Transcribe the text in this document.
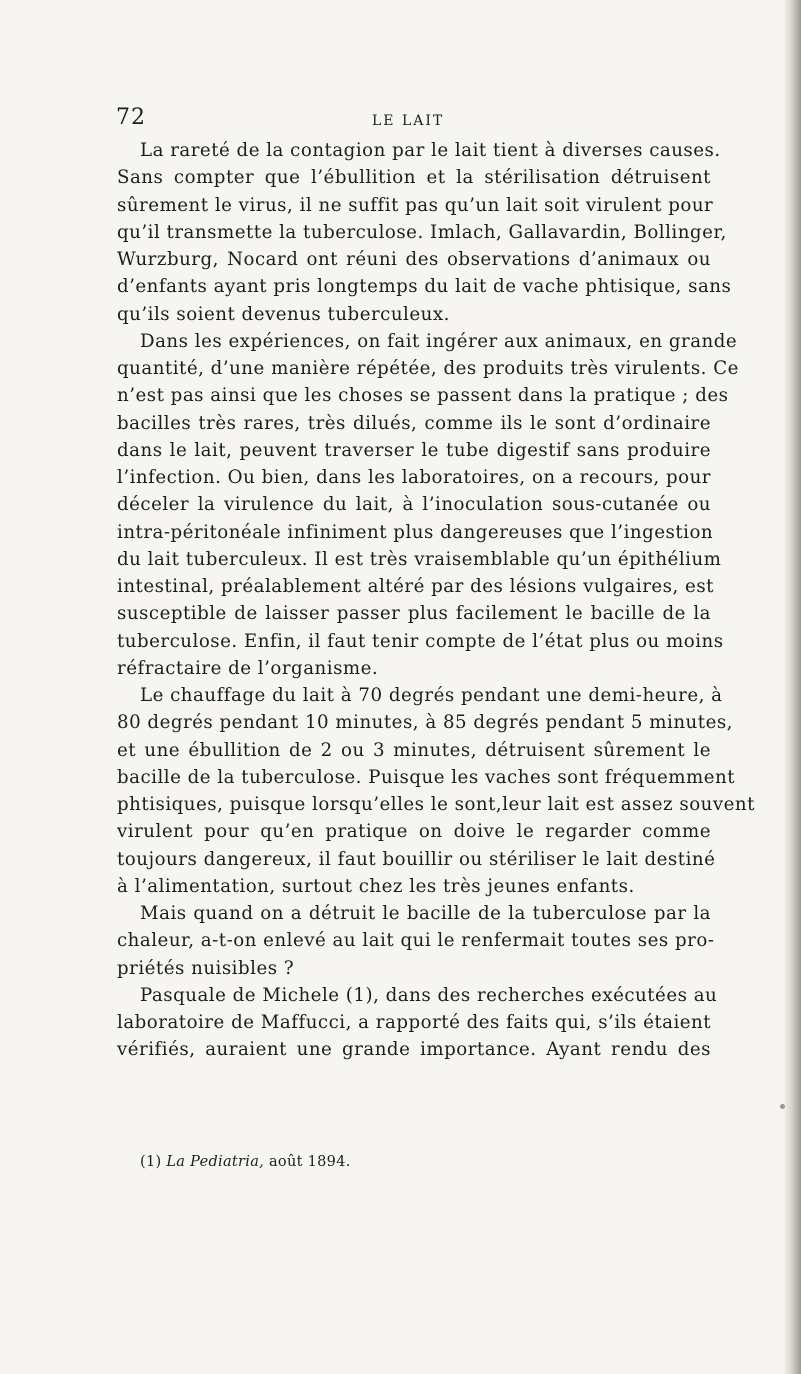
72	LE LAIT
La rareté de la contagion par le lait tient à diverses causes.
Sans compter que l’ébullition et la stérilisation détruisent
sûrement le virus, il ne suffit pas qu’un lait soit virulent pour
qu’il transmette la tuberculose. Imlach, Gallavardin, Bollinger,
Wurzburg, Nocard ont réuni des observations d’animaux ou
d’enfants ayant pris longtemps du lait de vache phtisique, sans
qu’ils soient devenus tuberculeux.
Dans les expériences, on fait ingérer aux animaux, en grande
quantité, d’une manière répétée, des produits très virulents. Ce
n’est pas ainsi que les choses se passent dans la pratique ; des
bacilles très rares, très dilués, comme ils le sont d’ordinaire
dans le lait, peuvent traverser le tube digestif sans produire
l’infection. Ou bien, dans les laboratoires, on a recours, pour
déceler la virulence du lait, à l’inoculation sous-cutanée ou
intra-péritonéale infiniment plus dangereuses que l’ingestion
du lait tuberculeux. Il est très vraisemblable qu’un épithélium
intestinal, préalablement altéré par des lésions vulgaires, est
susceptible de laisser passer plus facilement le bacille de la
tuberculose. Enfin, il faut tenir compte de l’état plus ou moins
réfractaire de l’organisme.
Le chauffage du lait à 70 degrés pendant une demi-heure, à
80 degrés pendant 10 minutes, à 85 degrés pendant 5 minutes,
et une ébullition de 2 ou 3 minutes, détruisent sûrement le
bacille de la tuberculose. Puisque les vaches sont fréquemment
phtisiques, puisque lorsqu’elles le sont,leur lait est assez souvent
virulent pour qu’en pratique on doive le regarder comme
toujours dangereux, il faut bouillir ou stériliser le lait destiné
à l’alimentation, surtout chez les très jeunes enfants.
Mais quand on a détruit le bacille de la tuberculose par la
chaleur, a-t-on enlevé au lait qui le renfermait toutes ses pro-
priétés nuisibles ?
Pasquale de Michele (1), dans des recherches exécutées au
laboratoire de Maffucci, a rapporté des faits qui, s’ils étaient
vérifiés, auraient une grande importance. Ayant rendu des
(1) La Pediatria, août 1894.
